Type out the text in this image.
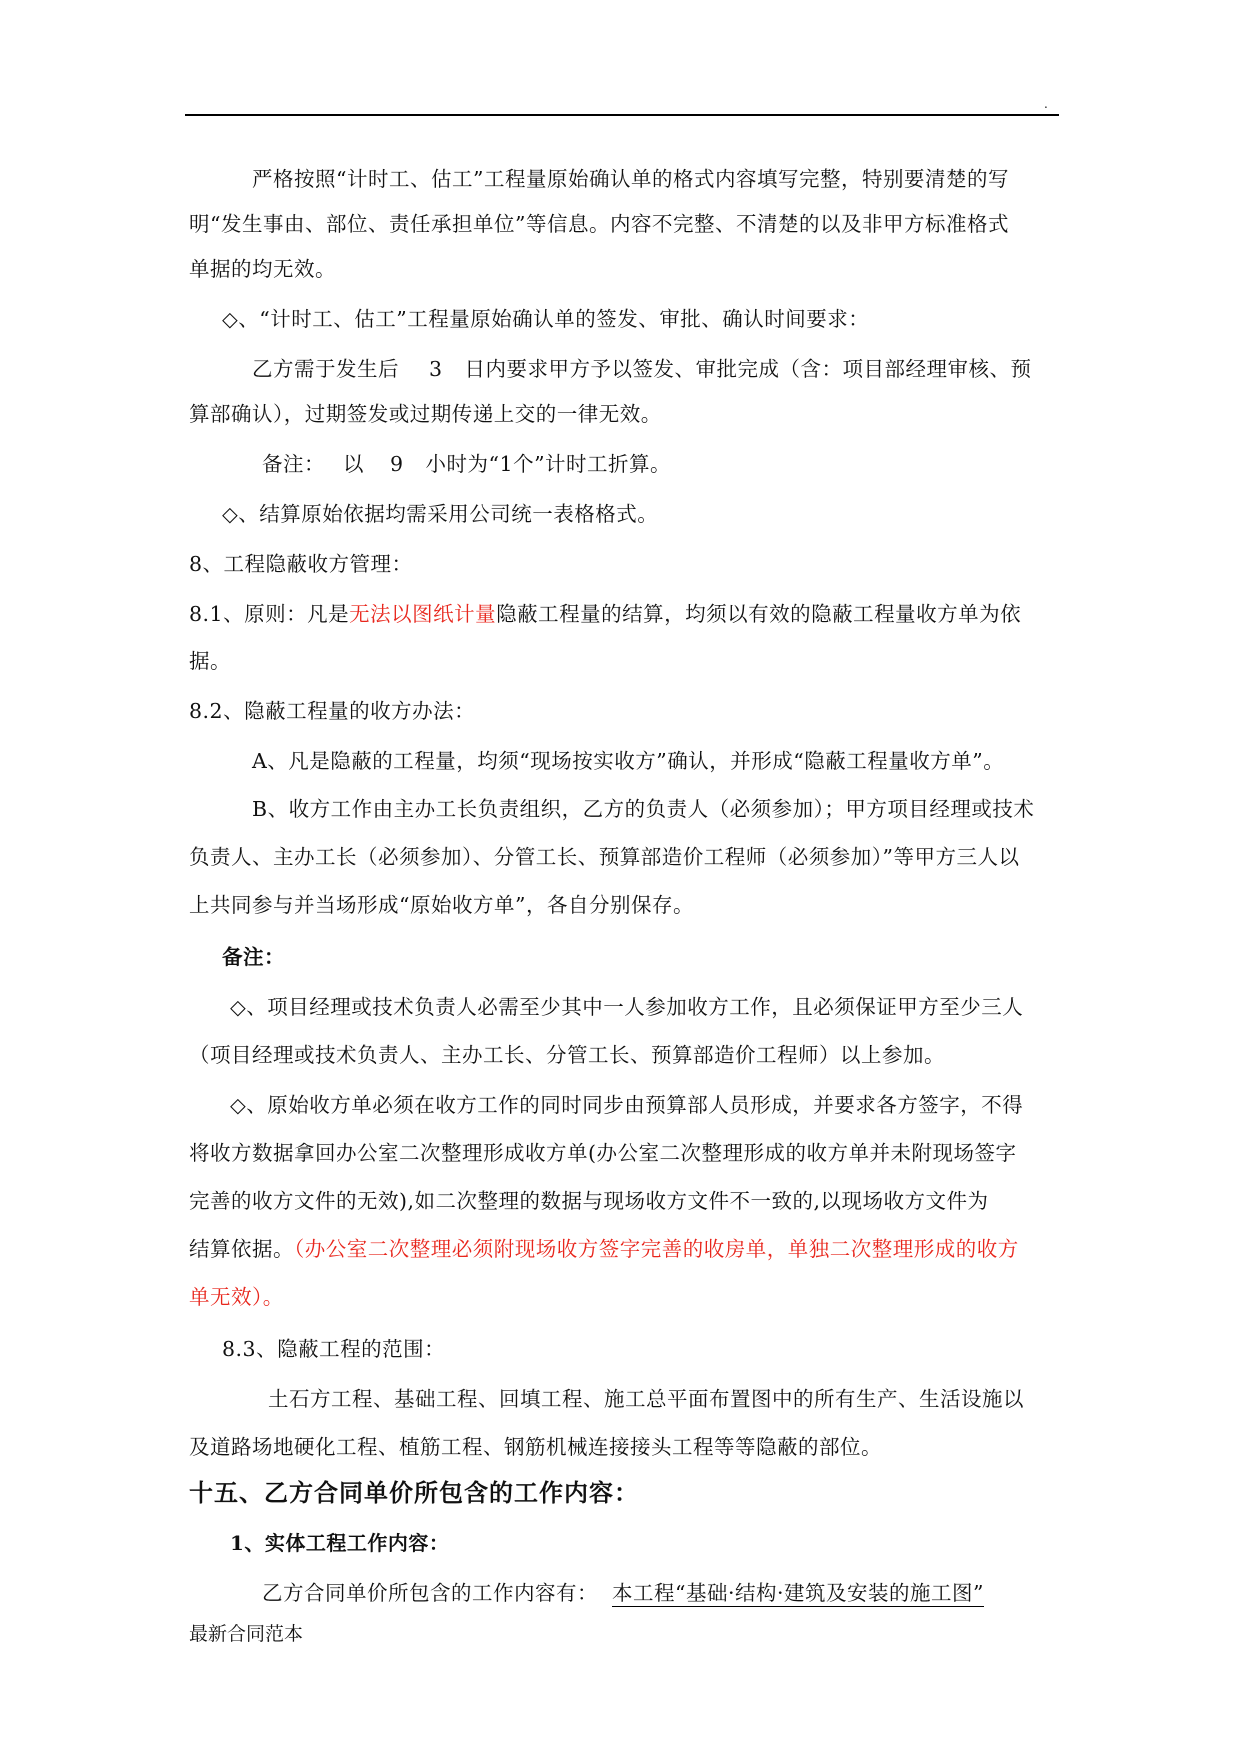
.

严格按照“计时工、估工”工程量原始确认单的格式内容填写完整，特别要清楚的写

明“发生事由、部位、责任承担单位”等信息。内容不完整、不清楚的以及非甲方标准格式

单据的均无效。

◇、“计时工、估工”工程量原始确认单的签发、审批、确认时间要求：

乙方需于发生后 3 日内要求甲方予以签发、审批完成（含：项目部经理审核、预

算部确认），过期签发或过期传递上交的一律无效。

备注： 以 9 小时为“1个”计时工折算。

◇、结算原始依据均需采用公司统一表格格式。

8、工程隐蔽收方管理：

8.1、原则：凡是无法以图纸计量隐蔽工程量的结算，均须以有效的隐蔽工程量收方单为依

据。

8.2、隐蔽工程量的收方办法：

A、凡是隐蔽的工程量，均须“现场按实收方”确认，并形成“隐蔽工程量收方单”。

B、收方工作由主办工长负责组织，乙方的负责人（必须参加）；甲方项目经理或技术

负责人、主办工长（必须参加）、分管工长、预算部造价工程师（必须参加）”等甲方三人以

上共同参与并当场形成“原始收方单”，各自分别保存。

备注：

◇、项目经理或技术负责人必需至少其中一人参加收方工作，且必须保证甲方至少三人

（项目经理或技术负责人、主办工长、分管工长、预算部造价工程师）以上参加。

◇、原始收方单必须在收方工作的同时同步由预算部人员形成，并要求各方签字，不得

将收方数据拿回办公室二次整理形成收方单(办公室二次整理形成的收方单并未附现场签字

完善的收方文件的无效),如二次整理的数据与现场收方文件不一致的,以现场收方文件为

结算依据。（办公室二次整理必须附现场收方签字完善的收房单，单独二次整理形成的收方

单无效）。

8.3、隐蔽工程的范围：

土石方工程、基础工程、回填工程、施工总平面布置图中的所有生产、生活设施以

及道路场地硬化工程、植筋工程、钢筋机械连接接头工程等等隐蔽的部位。

十五、乙方合同单价所包含的工作内容：

1、实体工程工作内容：

乙方合同单价所包含的工作内容有： 本工程“基础·结构·建筑及安装的施工图”

最新合同范本
